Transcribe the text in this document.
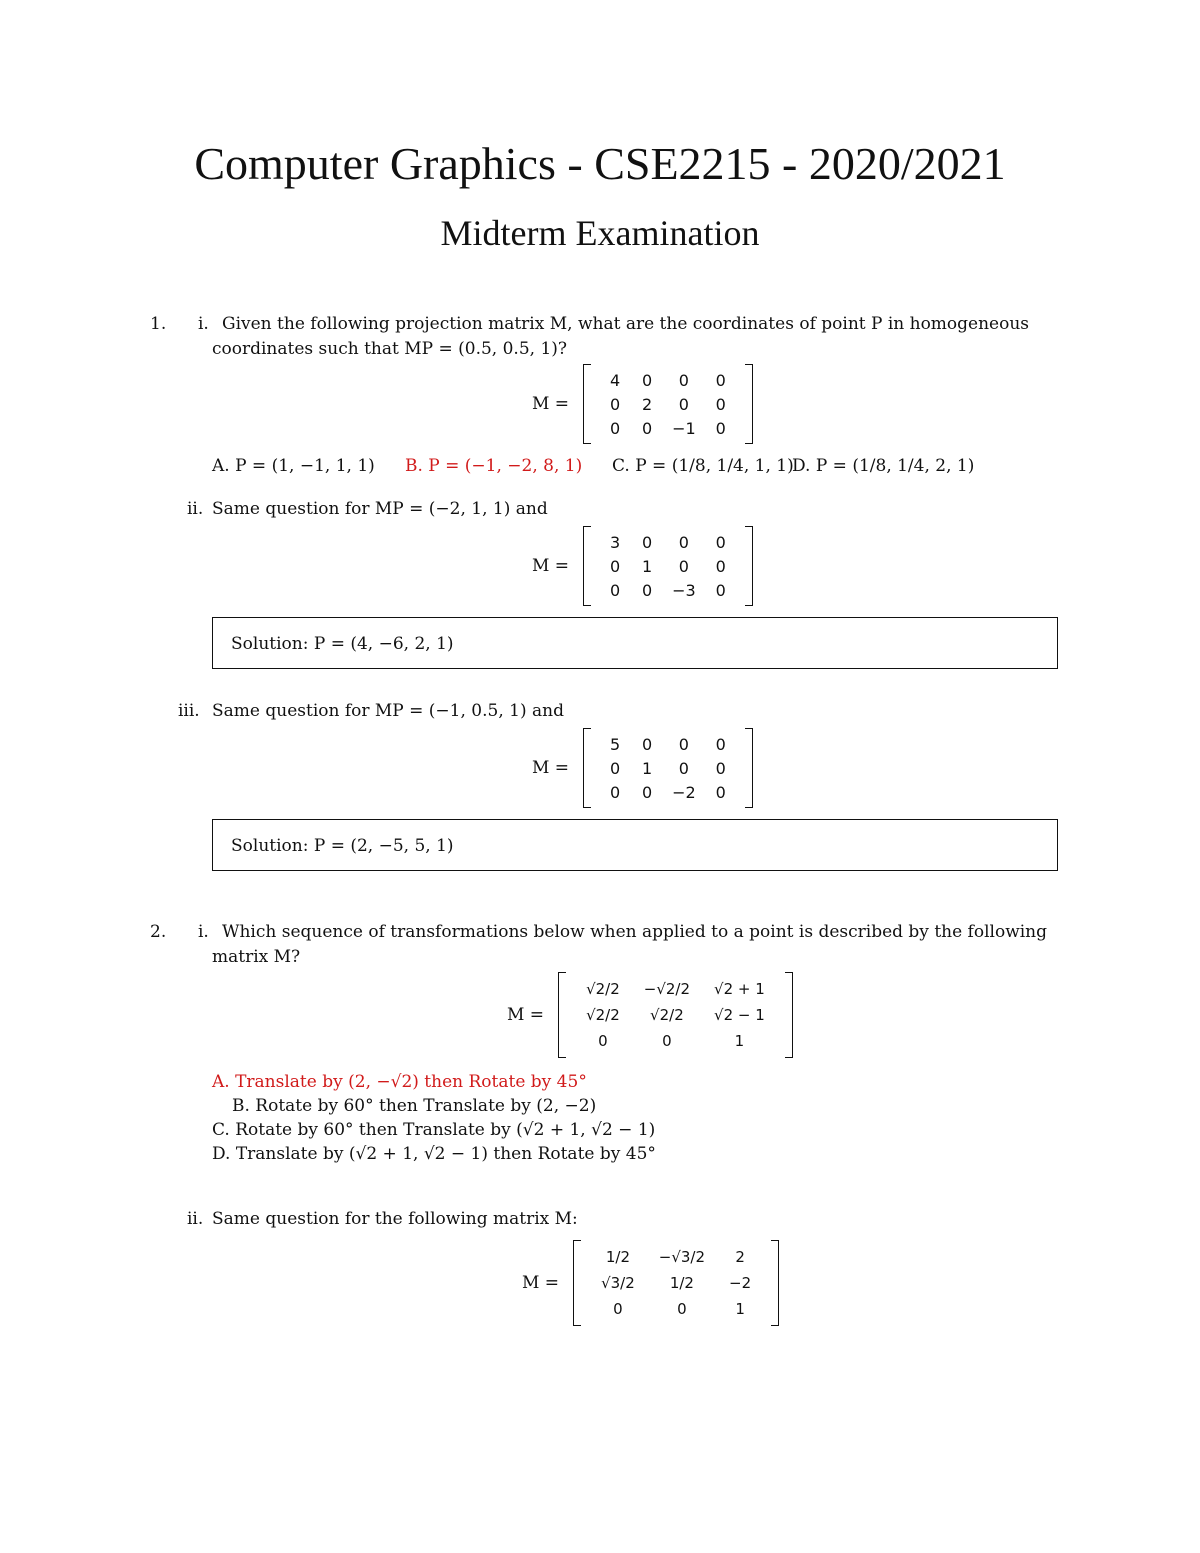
Computer Graphics - CSE2215 - 2020/2021
Midterm Examination
1. i. Given the following projection matrix M, what are the coordinates of point P in homogeneous
coordinates such that MP = (0.5, 0.5, 1)?
M =
4	0	0	0
0	2	0	0
0	0	−1	0
A. P = (1, −1, 1, 1) B. P = (−1, −2, 8, 1) C. P = (1/8, 1/4, 1, 1)
D. P = (1/8, 1/4, 2, 1)
ii. Same question for MP = (−2, 1, 1) and
M =
3	0	0	0
0	1	0	0
0	0	−3	0
Solution: P = (4, −6, 2, 1)
iii. Same question for MP = (−1, 0.5, 1) and
M =
5	0	0	0
0	1	0	0
0	0	−2	0
Solution: P = (2, −5, 5, 1)
2. i. Which sequence of transformations below when applied to a point is described by the following
matrix M?
M =
√2/2	−√2/2	√2 + 1
√2/2	√2/2	√2 − 1
0	0	1
A. Translate by (2, −√2) then Rotate by 45°
B. Rotate by 60° then Translate by (2, −2)
C. Rotate by 60° then Translate by (√2 + 1, √2 − 1)
D. Translate by (√2 + 1, √2 − 1) then Rotate by 45°
ii. Same question for the following matrix M:
M =
1/2	−√3/2	2
√3/2	1/2	−2
0	0	1
